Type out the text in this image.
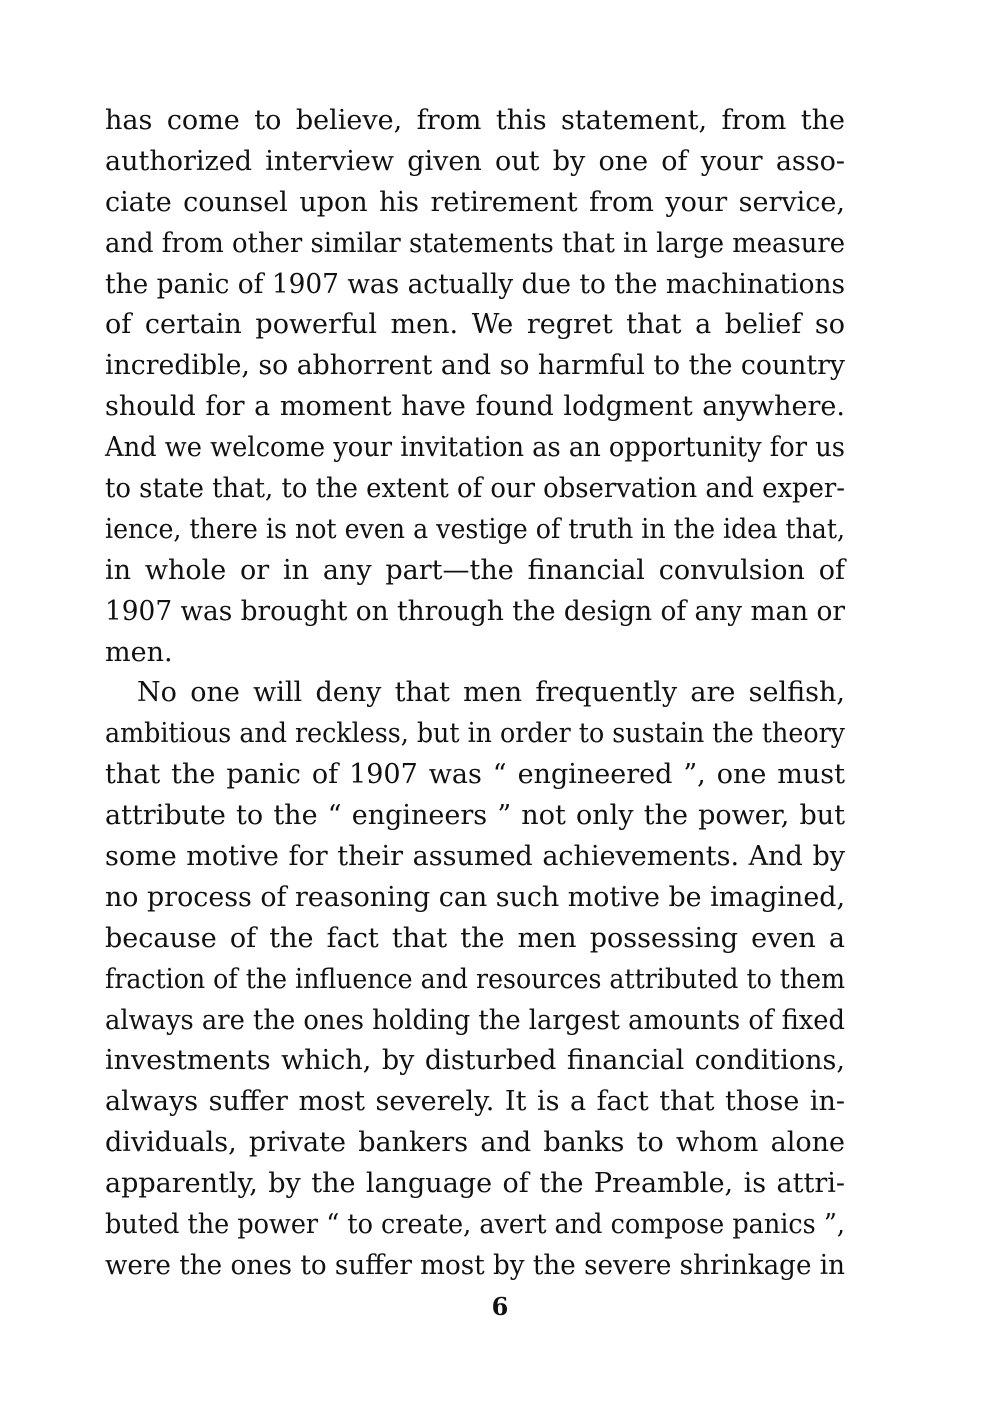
has come to believe, from this statement, from the
authorized interview given out by one of your asso-
ciate counsel upon his retirement from your service,
and from other similar statements that in large measure
the panic of 1907 was actually due to the machinations
of certain powerful men. We regret that a belief so
incredible, so abhorrent and so harmful to the country
should for a moment have found lodgment anywhere.
And we welcome your invitation as an opportunity for us
to state that, to the extent of our observation and exper-
ience, there is not even a vestige of truth in the idea that,
in whole or in any part—the financial convulsion of
1907 was brought on through the design of any man or
men.
No one will deny that men frequently are selfish,
ambitious and reckless, but in order to sustain the theory
that the panic of 1907 was “ engineered ”, one must
attribute to the “ engineers ” not only the power, but
some motive for their assumed achievements. And by
no process of reasoning can such motive be imagined,
because of the fact that the men possessing even a
fraction of the influence and resources attributed to them
always are the ones holding the largest amounts of fixed
investments which, by disturbed financial conditions,
always suffer most severely. It is a fact that those in-
dividuals, private bankers and banks to whom alone
apparently, by the language of the Preamble, is attri-
buted the power “ to create, avert and compose panics ”,
were the ones to suffer most by the severe shrinkage in
6
